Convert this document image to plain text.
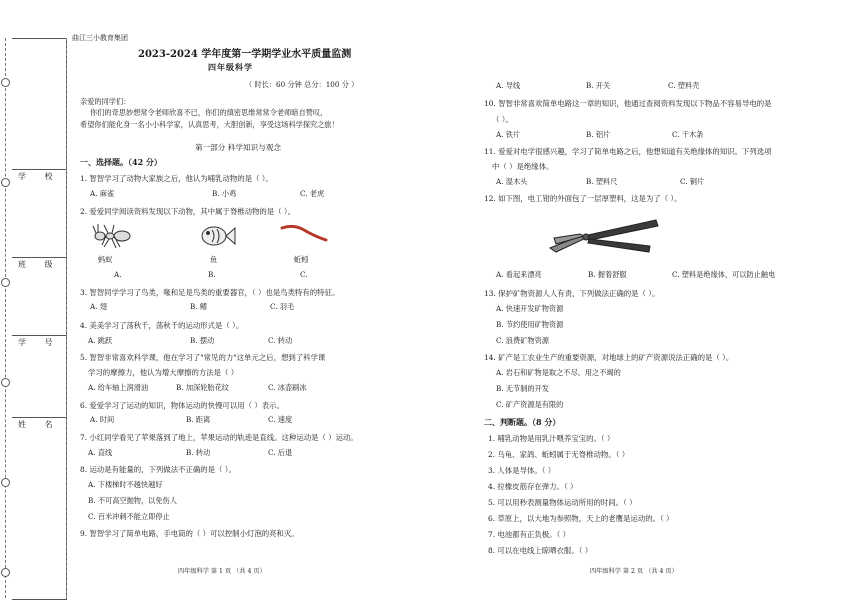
学 校
班 级
学 号
姓 名
曲江三小教育集团
2023-2024 学年度第一学期学业水平质量监测
四年级科学
（ 时长：60 分钟 总分：100 分 ）
亲爱的同学们：
你们的奇思妙想常令老师欣喜不已，你们的缜密思维常常令老师暗自赞叹，
希望你们能化身一名小小科学家，认真思考，大胆创新，享受这场科学探究之旅！
第一部分 科学知识与观念
一、选择题。（42 分）
1. 智智学习了动物大家族之后，他认为哺乳动物的是（ ）。
A. 麻雀	B. 小鸡	C. 老虎
2. 爱爱同学阅读资料发现以下动物，其中属于脊椎动物的是（ ）。
蚂蚁	鱼	蚯蚓
A.	B.	C.
3. 智智同学学习了鸟类，喙和足是鸟类的重要器官，（ ）也是鸟类特有的特征。
A. 翅	B. 鳍	C. 羽毛
4. 美美学习了荡秋千，荡秋千的运动形式是（ ）。
A. 跳跃	B. 摆动	C. 转动
5. 智智非常喜欢科学课，他在学习了"常见的力"这单元之后，想到了科学课
学习的摩擦力，他认为增大摩擦的方法是（ ）
A. 给车轴上润滑油	B. 加深轮胎花纹	C. 冰壶刷冰
6. 爱爱学习了运动的知识，物体运动的快慢可以用（ ）表示。
A. 时间	B. 距离	C. 速度
7. 小红同学看见了苹果落到了地上，苹果运动的轨迹是直线。这种运动是（ ）运动。
A. 直线	B. 转动	C. 后退
8. 运动是有能量的，下列做法不正确的是（ ）。
A. 下楼梯时不越快越好
B. 不可高空抛物，以免伤人
C. 百米冲刺不能立即停止
9. 智智学习了简单电路，手电筒的（ ）可以控制小灯泡的亮和灭。
四年级科学 第 1 页 （共 4 页）
A. 导线	B. 开关	C. 塑料壳
10. 智智非常喜欢简单电路这一章的知识，他通过查阅资料发现以下物品不容易导电的是
（ ）。
A. 铁片	B. 铝片	C. 干木条
11. 爱爱对电学很感兴趣，学习了简单电路之后，他想知道有关绝缘体的知识。下列选项
中（ ）是绝缘体。
A. 湿木头	B. 塑料尺	C. 铜片
12. 如下图，电工钳的外面包了一层厚塑料，这是为了（ ）。
A. 看起来漂亮	B. 握着舒服	C. 塑料是绝缘体，可以防止触电
13. 保护矿物资源人人有责，下列做法正确的是（ ）。
A. 快速开发矿物资源
B. 节约使用矿物资源
C. 浪费矿物资源
14. 矿产是工农业生产的重要资源，对地球上的矿产资源说法正确的是（ ）。
A. 岩石和矿物是取之不尽、用之不竭的
B. 无节制的开发
C. 矿产资源是有限的
二、判断题。（8 分）
1. 哺乳动物是用乳汁喂养宝宝的。（ ）
2. 乌龟、家鸽、蚯蚓属于无脊椎动物。（ ）
3. 人体是导体。（ ）
4. 拉橡皮筋存在弹力。（ ）
5. 可以用秒表测量物体运动所用的时间。（ ）
6. 草原上，以大地为参照物，天上的老鹰是运动的。（ ）
7. 电池都有正负极。（ ）
8. 可以在电线上晾晒衣服。（ ）
四年级科学 第 2 页 （共 4 页）
